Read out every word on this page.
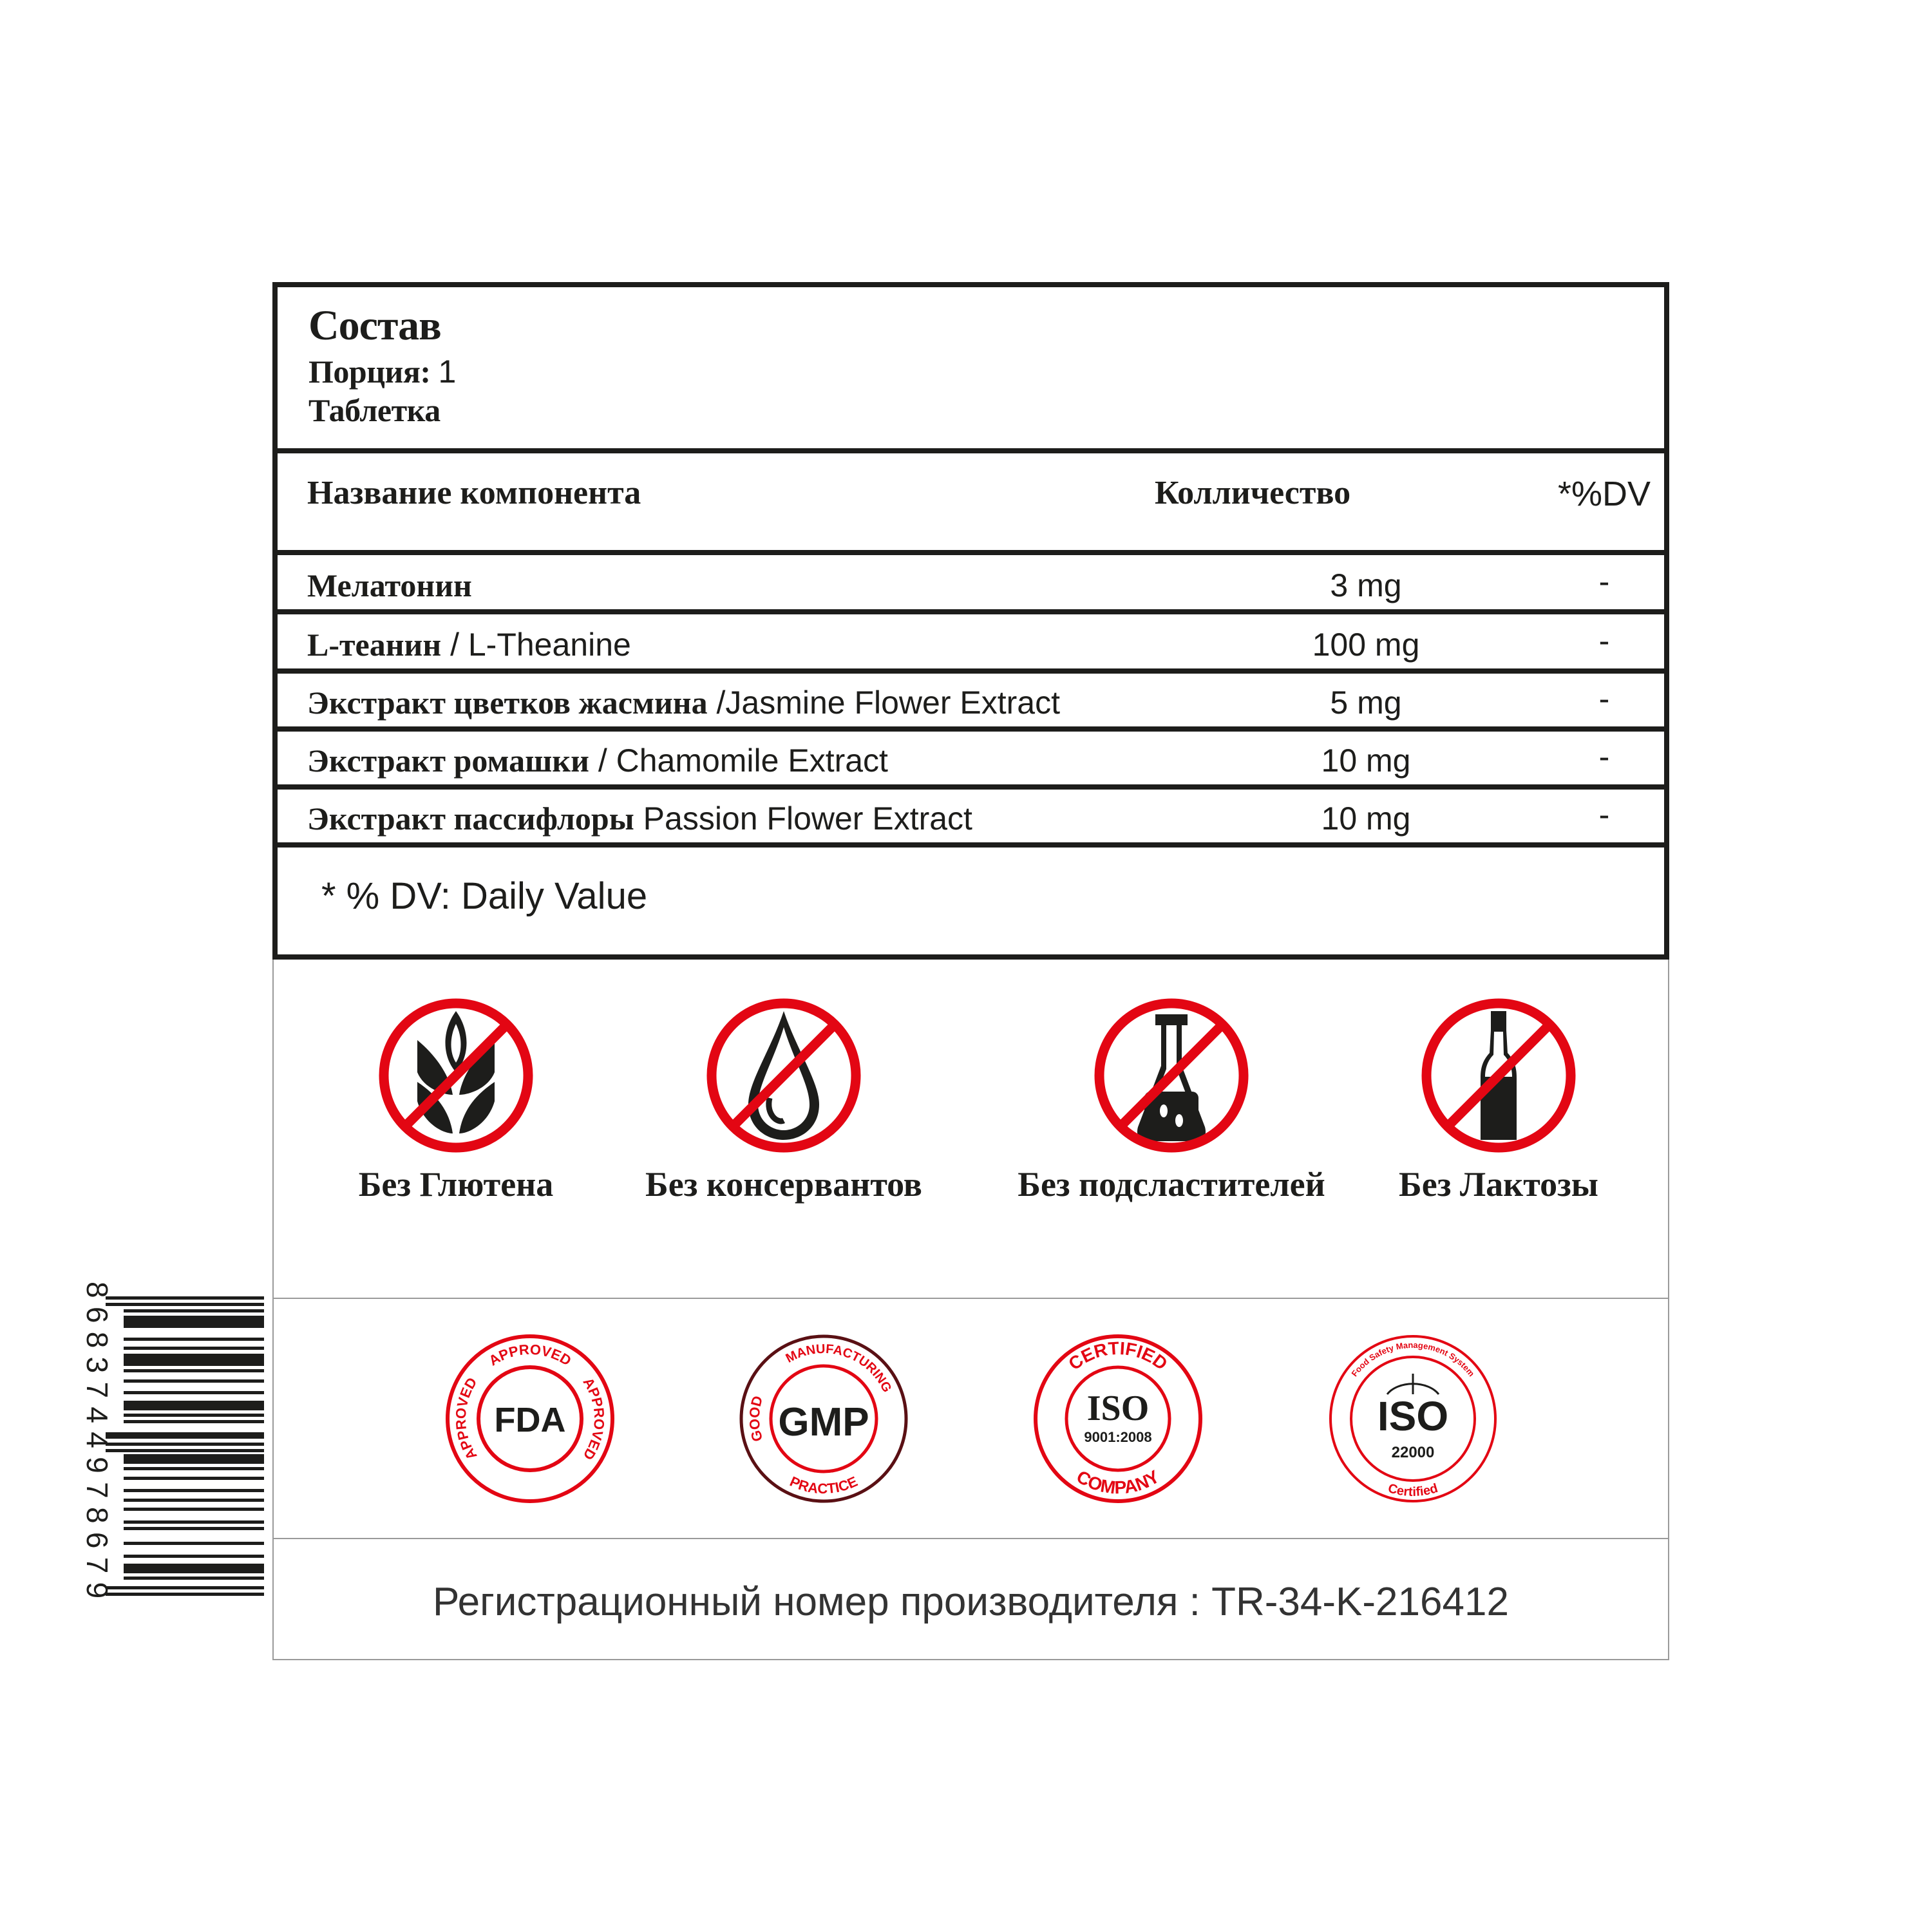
Состав
Порция: 1
Таблетка
Название компонента	Колличество	*%DV
Мелатонин	3 mg	-
L-теанин / L-Theanine	100 mg	-
Экстракт цветков жасмина /Jasmine Flower Extract	5 mg	-
Экстракт ромашки / Chamomile Extract	10 mg	-
Экстракт пассифлоры Passion Flower Extract	10 mg	-
* % DV: Daily Value
Без Глютена	Без консервантов	Без подсластителей Без Лактозы
APPROVED
APPROVED	APPROVED
FDA
MANUFACTURING
GOOD
PRACTICE
GMP
CERTIFIED
COMPANY
ISO
9001:2008
Food Safety Management System
Certified
ISO
22000
Регистрационный номер производителя : TR-34-K-216412
8683744978679
